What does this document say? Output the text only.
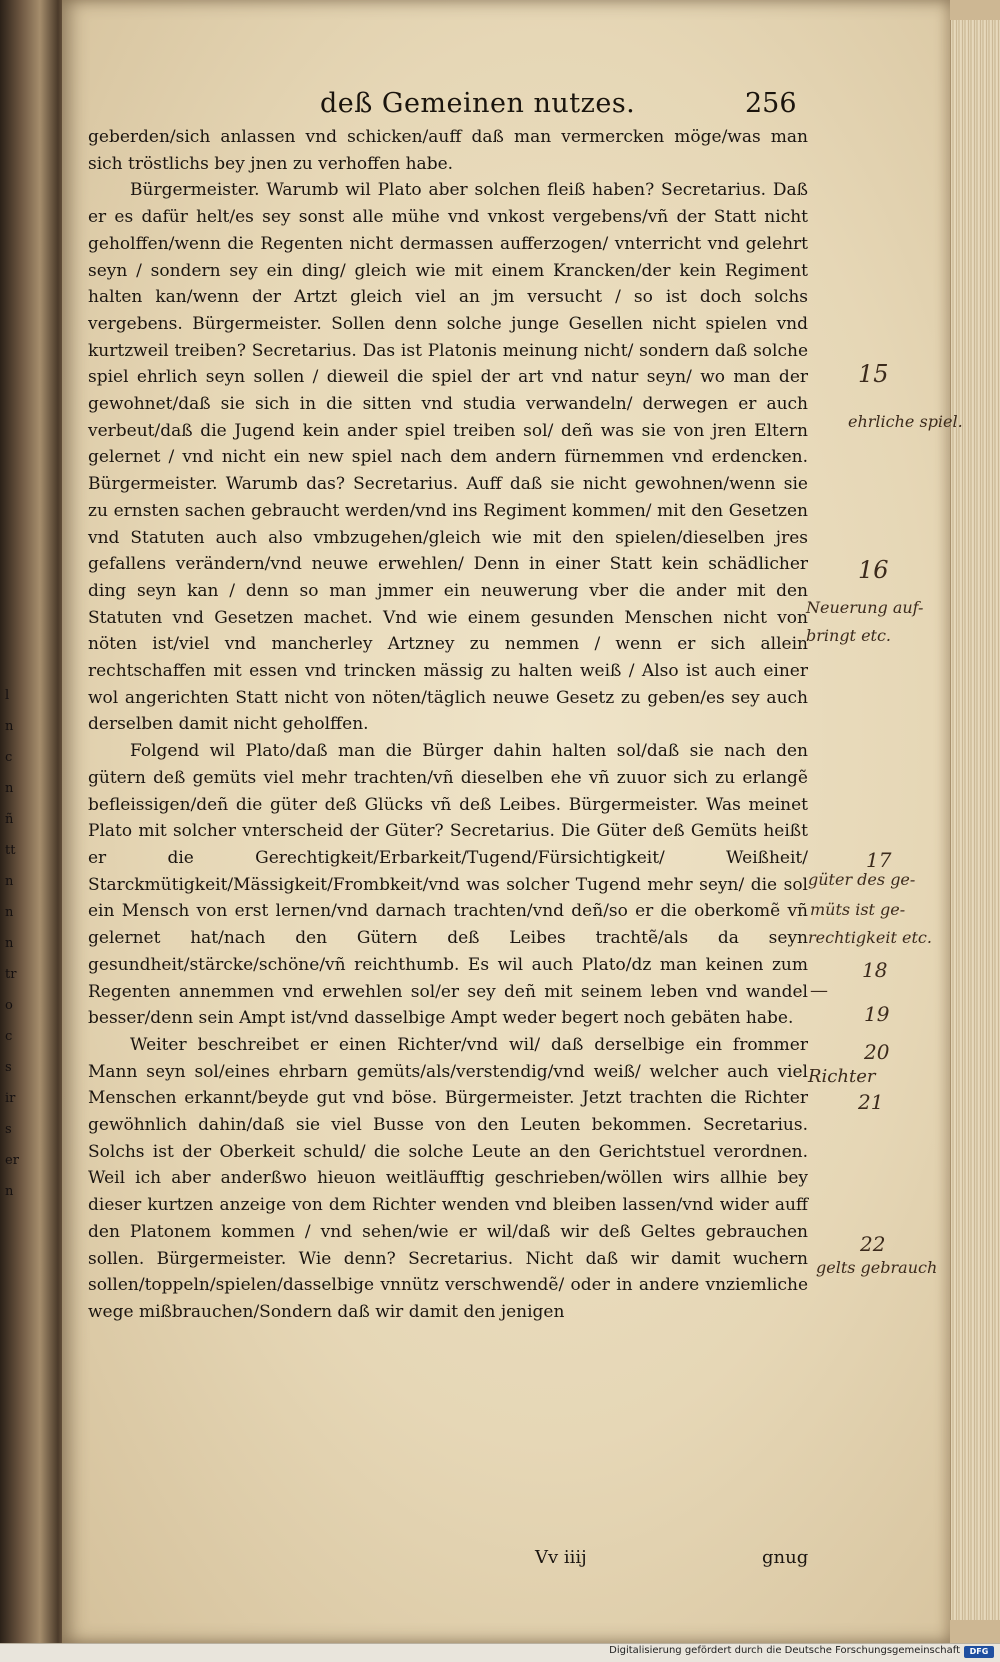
l
n
c
n
ñ
tt
n
n
n
tr
o
c
s
ir
s
er
n
deß Gemeinen nutzes.	256

geberden/sich anlassen vnd schicken/auff daß man vermercken möge/was man sich tröstlichs bey jnen zu verhoffen habe.

Bürgermeister. Warumb wil Plato aber solchen fleiß haben? Secretarius. Daß er es dafür helt/es sey sonst alle mühe vnd vnkost vergebens/vñ der Statt nicht geholffen/wenn die Regenten nicht dermassen aufferzogen/ vnterricht vnd gelehrt seyn / sondern sey ein ding/ gleich wie mit einem Krancken/der kein Regiment halten kan/wenn der Artzt gleich viel an jm versucht / so ist doch solchs vergebens. Bürgermeister. Sollen denn solche junge Gesellen nicht spielen vnd kurtzweil treiben? Secretarius. Das ist Platonis meinung nicht/ sondern daß solche spiel ehrlich seyn sollen / dieweil die spiel der art vnd natur seyn/ wo man der gewohnet/daß sie sich in die sitten vnd studia verwandeln/ derwegen er auch verbeut/daß die Jugend kein ander spiel treiben sol/ deñ was sie von jren Eltern gelernet / vnd nicht ein new spiel nach dem andern fürnemmen vnd erdencken. Bürgermeister. Warumb das? Secretarius. Auff daß sie nicht gewohnen/wenn sie zu ernsten sachen gebraucht werden/vnd ins Regiment kommen/ mit den Gesetzen vnd Statuten auch also vmbzugehen/gleich wie mit den spielen/dieselben jres gefallens verändern/vnd neuwe erwehlen/ Denn in einer Statt kein schädlicher ding seyn kan / denn so man jmmer ein neuwerung vber die ander mit den Statuten vnd Gesetzen machet. Vnd wie einem gesunden Menschen nicht von nöten ist/viel vnd mancherley Artzney zu nemmen / wenn er sich allein rechtschaffen mit essen vnd trincken mässig zu halten weiß / Also ist auch einer wol angerichten Statt nicht von nöten/täglich neuwe Gesetz zu geben/es sey auch derselben damit nicht geholffen.

Folgend wil Plato/daß man die Bürger dahin halten sol/daß sie nach den gütern deß gemüts viel mehr trachten/vñ dieselben ehe vñ zuuor sich zu erlangẽ befleissigen/deñ die güter deß Glücks vñ deß Leibes. Bürgermeister. Was meinet Plato mit solcher vnterscheid der Güter? Secretarius. Die Güter deß Gemüts heißt er die Gerechtigkeit/Erbarkeit/Tugend/Fürsichtigkeit/ Weißheit/ Starckmütigkeit/Mässigkeit/Frombkeit/vnd was solcher Tugend mehr seyn/ die sol ein Mensch von erst lernen/vnd darnach trachten/vnd deñ/so er die oberkomẽ vñ gelernet hat/nach den Gütern deß Leibes trachtẽ/als da seyn gesundheit/stärcke/schöne/vñ reichthumb. Es wil auch Plato/dz man keinen zum Regenten annemmen vnd erwehlen sol/er sey deñ mit seinem leben vnd wandel besser/denn sein Ampt ist/vnd dasselbige Ampt weder begert noch gebäten habe.

Weiter beschreibet er einen Richter/vnd wil/ daß derselbige ein frommer Mann seyn sol/eines ehrbarn gemüts/als/verstendig/vnd weiß/ welcher auch viel Menschen erkannt/beyde gut vnd böse. Bürgermeister. Jetzt trachten die Richter gewöhnlich dahin/daß sie viel Busse von den Leuten bekommen. Secretarius. Solchs ist der Oberkeit schuld/ die solche Leute an den Gerichtstuel verordnen. Weil ich aber anderßwo hieuon weitläufftig geschrieben/wöllen wirs allhie bey dieser kurtzen anzeige von dem Richter wenden vnd bleiben lassen/vnd wider auff den Platonem kommen / vnd sehen/wie er wil/daß wir deß Geltes gebrauchen sollen. Bürgermeister. Wie denn? Secretarius. Nicht daß wir damit wuchern sollen/toppeln/spielen/dasselbige vnnütz verschwendẽ/ oder in andere vnziemliche wege mißbrauchen/Sondern daß wir damit den jenigen

Vv iiij	gnug
15
ehrliche spiel.
16
Neuerung auf-
bringt etc.
17
güter des ge-
müts ist ge-
rechtigkeit etc.
18
—
19
20
Richter
21
22
gelts gebrauch
Digitalisierung gefördert durch die Deutsche Forschungsgemeinschaft	DFG
